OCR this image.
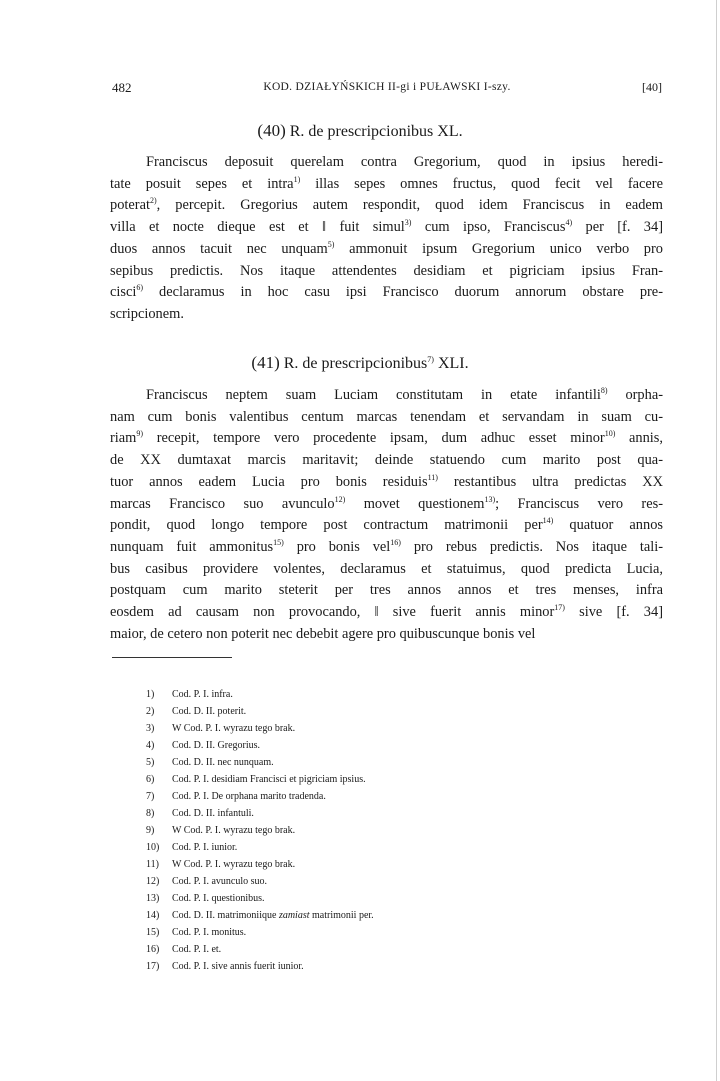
482	KOD. DZIAŁYŃSKICH II-gi i PUŁAWSKI I-szy.	[40]
(40) R. de prescripcionibus XL.
Franciscus deposuit querelam contra Gregorium, quod in ipsius heredi-
tate posuit sepes et intra$^{1)}$ illas sepes omnes fructus, quod fecit vel facere
poterat$^{2)}$, percepit. Gregorius autem respondit, quod idem Franciscus in eadem
villa et nocte dieque est et ‖ fuit simul$^{3)}$ cum ipso, Franciscus$^{4)}$ per [f. 34]
duos annos tacuit nec unquam$^{5)}$ ammonuit ipsum Gregorium unico verbo pro
sepibus predictis. Nos itaque attendentes desidiam et pigriciam ipsius Fran-
cisci$^{6)}$ declaramus in hoc casu ipsi Francisco duorum annorum obstare pre-
scripcionem.
(41) R. de prescripcionibus$^{7)}$ XLI.
Franciscus neptem suam Luciam constitutam in etate infantili$^{8)}$ orpha-
nam cum bonis valentibus centum marcas tenendam et servandam in suam cu-
riam$^{9)}$ recepit, tempore vero procedente ipsam, dum adhuc esset minor$^{10)}$ annis,
de XX dumtaxat marcis maritavit; deinde statuendo cum marito post qua-
tuor annos eadem Lucia pro bonis residuis$^{11)}$ restantibus ultra predictas XX
marcas Francisco suo avunculo$^{12)}$ movet questionem$^{13)}$; Franciscus vero res-
pondit, quod longo tempore post contractum matrimonii per$^{14)}$ quatuor annos
nunquam fuit ammonitus$^{15)}$ pro bonis vel$^{16)}$ pro rebus predictis. Nos itaque tali-
bus casibus providere volentes, declaramus et statuimus, quod predicta Lucia,
postquam cum marito steterit per tres annos annos et tres menses, infra
eosdem ad causam non provocando, ‖ sive fuerit annis minor$^{17)}$ sive [f. 34]
maior, de cetero non poterit nec debebit agere pro quibuscunque bonis vel
1) Cod. P. I. infra.
2) Cod. D. II. poterit.
3) W Cod. P. I. wyrazu tego brak.
4) Cod. D. II. Gregorius.
5) Cod. D. II. nec nunquam.
6) Cod. P. I. desidiam Francisci et pigriciam ipsius.
7) Cod. P. I. De orphana marito tradenda.
8) Cod. D. II. infantuli.
9) W Cod. P. I. wyrazu tego brak.
10) Cod. P. I. iunior.
11) W Cod. P. I. wyrazu tego brak.
12) Cod. P. I. avunculo suo.
13) Cod. P. I. questionibus.
14) Cod. D. II. matrimoniique zamiast matrimonii per.
15) Cod. P. I. monitus.
16) Cod. P. I. et.
17) Cod. P. I. sive annis fuerit iunior.
